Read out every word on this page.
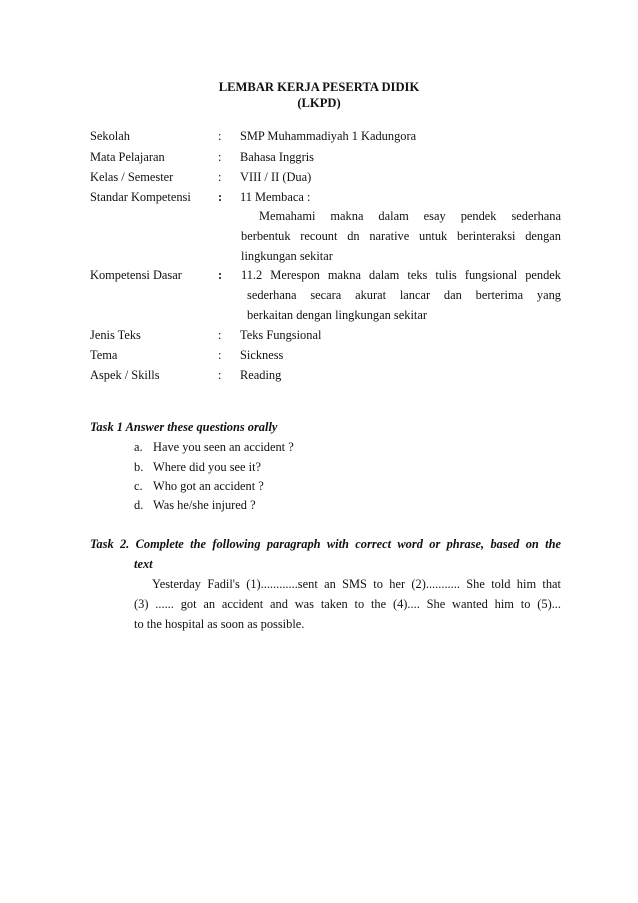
LEMBAR KERJA PESERTA DIDIK
(LKPD)
Sekolah	: SMP Muhammadiyah 1 Kadungora
Mata Pelajaran	: Bahasa Inggris
Kelas / Semester	: VIII / II (Dua)
Standar Kompetensi : 11 Membaca :
Memahami makna dalam esay pendek sederhana
berbentuk recount dn narative untuk berinteraksi dengan
lingkungan sekitar
Kompetensi Dasar	: 11.2 Merespon makna dalam teks tulis fungsional pendek
sederhana secara akurat lancar dan berterima yang
berkaitan dengan lingkungan sekitar
Jenis Teks	: Teks Fungsional
Tema	: Sickness
Aspek / Skills	: Reading
Task 1 Answer these questions orally
a. Have you seen an accident ?
b. Where did you see it?
c. Who got an accident ?
d. Was he/she injured ?
Task 2. Complete the following paragraph with correct word or phrase, based on the
text
Yesterday Fadil's (1)............sent an SMS to her (2)........... She told him that
(3) ...... got an accident and was taken to the (4).... She wanted him to (5)...
to the hospital as soon as possible.
